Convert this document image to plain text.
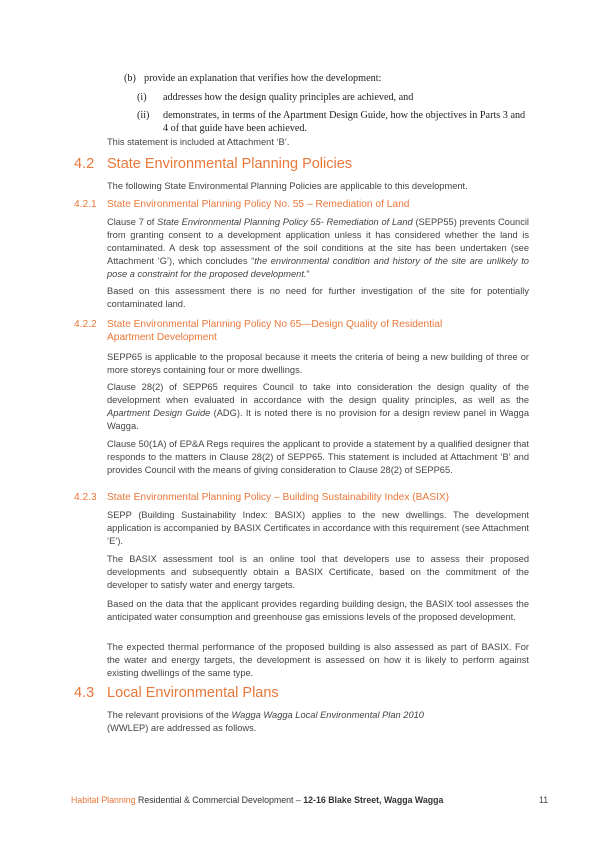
(b) provide an explanation that verifies how the development:
(i) addresses how the design quality principles are achieved, and
(ii) demonstrates, in terms of the Apartment Design Guide, how the objectives in Parts 3 and 4 of that guide have been achieved.
This statement is included at Attachment ‘B’.
4.2 State Environmental Planning Policies
The following State Environmental Planning Policies are applicable to this development.
4.2.1 State Environmental Planning Policy No. 55 – Remediation of Land
Clause 7 of State Environmental Planning Policy 55- Remediation of Land (SEPP55) prevents Council from granting consent to a development application unless it has considered whether the land is contaminated. A desk top assessment of the soil conditions at the site has been undertaken (see Attachment ‘G’), which concludes “the environmental condition and history of the site are unlikely to pose a constraint for the proposed development.”
Based on this assessment there is no need for further investigation of the site for potentially contaminated land.
4.2.2 State Environmental Planning Policy No 65—Design Quality of Residential Apartment Development
SEPP65 is applicable to the proposal because it meets the criteria of being a new building of three or more storeys containing four or more dwellings.
Clause 28(2) of SEPP65 requires Council to take into consideration the design quality of the development when evaluated in accordance with the design quality principles, as well as the Apartment Design Guide (ADG). It is noted there is no provision for a design review panel in Wagga Wagga.
Clause 50(1A) of EP&A Regs requires the applicant to provide a statement by a qualified designer that responds to the matters in Clause 28(2) of SEPP65. This statement is included at Attachment ‘B’ and provides Council with the means of giving consideration to Clause 28(2) of SEPP65.
4.2.3 State Environmental Planning Policy – Building Sustainability Index (BASIX)
SEPP (Building Sustainability Index: BASIX) applies to the new dwellings. The development application is accompanied by BASIX Certificates in accordance with this requirement (see Attachment ‘E’).
The BASIX assessment tool is an online tool that developers use to assess their proposed developments and subsequently obtain a BASIX Certificate, based on the commitment of the developer to satisfy water and energy targets.
Based on the data that the applicant provides regarding building design, the BASIX tool assesses the anticipated water consumption and greenhouse gas emissions levels of the proposed development.
The expected thermal performance of the proposed building is also assessed as part of BASIX. For the water and energy targets, the development is assessed on how it is likely to perform against existing dwellings of the same type.
4.3 Local Environmental Plans
The relevant provisions of the Wagga Wagga Local Environmental Plan 2010 (WWLEP) are addressed as follows.
Habitat Planning Residential & Commercial Development – 12-16 Blake Street, Wagga Wagga	11
